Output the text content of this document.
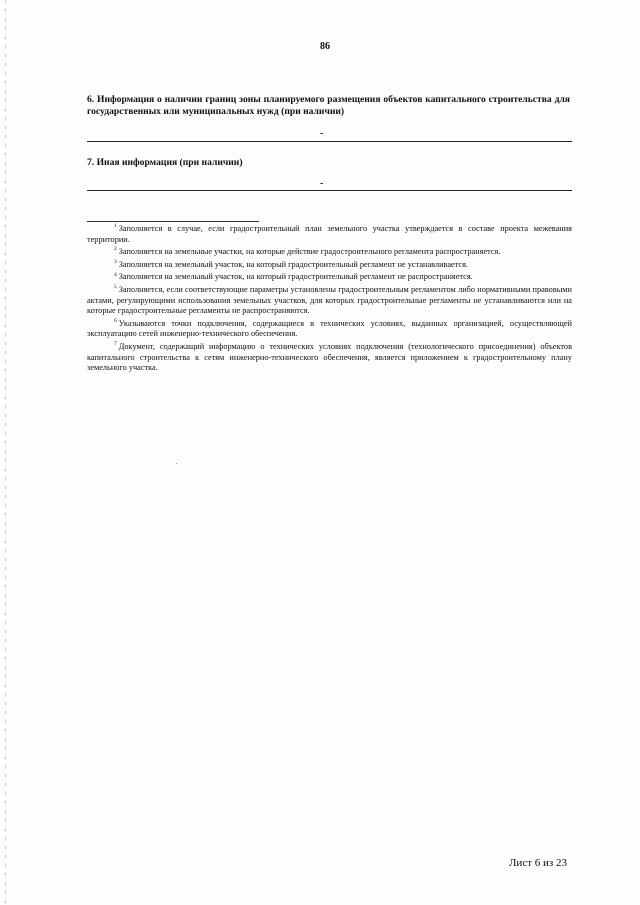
86

6. Информация о наличии границ зоны планируемого размещения объектов капитального строительства для государственных или муниципальных нужд (при наличии)

-

7. Иная информация (при наличии)

-

$^1$ Заполняется в случае, если градостроительный план земельного участка утверждается в составе проекта межевания территории.

$^2$ Заполняется на земельные участки, на которые действие градостроительного регламента распространяется.

$^3$ Заполняется на земельный участок, на который градостроительный регламент не устанавливается.

$^4$ Заполняется на земельный участок, на который градостроительный регламент не распространяется.

$^5$ Заполняется, если соответствующие параметры установлены градостроительным регламентом либо нормативными правовыми актами, регулирующими использования земельных участков, для которых градостроительные регламенты не устанавливаются или на которые градостроительные регламенты не распространяются.

$^6$ Указываются точки подключения, содержащиеся в технических условиях, выданных организацией, осуществляющей эксплуатацию сетей инженерно-технического обеспечения.

$^7$ Документ, содержащий информацию о технических условиях подключения (технологического присоединения) объектов капитального строительства к сетям инженерно-технического обеспечения, является приложением к градостроительному плану земельного участка.

Лист 6 из 23
